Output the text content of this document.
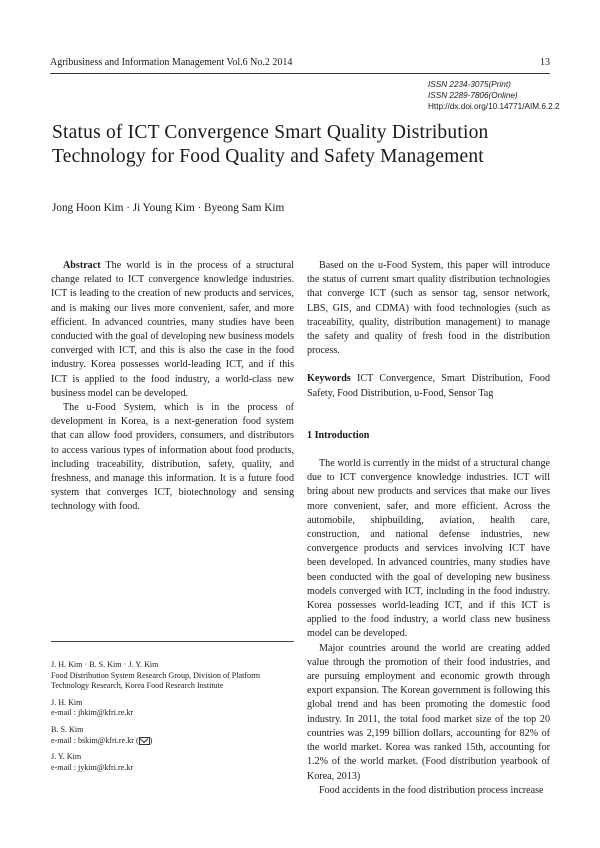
Agribusiness and Information Management Vol.6 No.2 2014	13
ISSN 2234-3075(Print)
ISSN 2289-7806(Online)
Http://dx.doi.org/10.14771/AIM.6.2.2
Status of ICT Convergence Smart Quality Distribution
Technology for Food Quality and Safety Management
Jong Hoon Kim · Ji Young Kim · Byeong Sam Kim

Abstract The world is in the process of a structural change related to ICT convergence knowledge industries. ICT is leading to the creation of new products and services, and is making our lives more convenient, safer, and more efficient. In advanced countries, many studies have been conducted with the goal of developing new business models converged with ICT, and this is also the case in the food industry. Korea possesses world-leading ICT, and if this ICT is applied to the food industry, a world-class new business model can be developed.

The u-Food System, which is in the process of development in Korea, is a next-generation food system that can allow food providers, consumers, and distributors to access various types of information about food products, including traceability, distribution, safety, quality, and freshness, and manage this information. It is a future food system that converges ICT, biotechnology and sensing technology with food.

J. H. Kim · B. S. Kim · J. Y. Kim

Food Distribution System Research Group, Division of Platform

Technology Research, Korea Food Research Institute

J. H. Kim

e-mail : jhkim@kfri.re.kr

B. S. Kim

e-mail : bskim@kfri.re.kr ( )

J. Y. Kim

e-mail : jykim@kfri.re.kr

Based on the u-Food System, this paper will introduce the status of current smart quality distribution technologies that converge ICT (such as sensor tag, sensor network, LBS, GIS, and CDMA) with food technologies (such as traceability, quality, distribution management) to manage the safety and quality of fresh food in the distribution process.

Keywords ICT Convergence, Smart Distribution, Food Safety, Food Distribution, u-Food, Sensor Tag

1 Introduction

The world is currently in the midst of a structural change due to ICT convergence knowledge industries. ICT will bring about new products and services that make our lives more convenient, safer, and more efficient. Across the automobile, shipbuilding, aviation, health care, construction, and national defense industries, new convergence products and services involving ICT have been developed. In advanced countries, many studies have been conducted with the goal of developing new business models converged with ICT, including in the food industry. Korea possesses world-leading ICT, and if this ICT is applied to the food industry, a world class new business model can be developed.

Major countries around the world are creating added value through the promotion of their food industries, and are pursuing employment and economic growth through export expansion. The Korean government is following this global trend and has been promoting the domestic food industry. In 2011, the total food market size of the top 20 countries was 2,199 billion dollars, accounting for 82% of the world market. Korea was ranked 15th, accounting for 1.2% of the world market. (Food distribution yearbook of Korea, 2013)

Food accidents in the food distribution process increase
